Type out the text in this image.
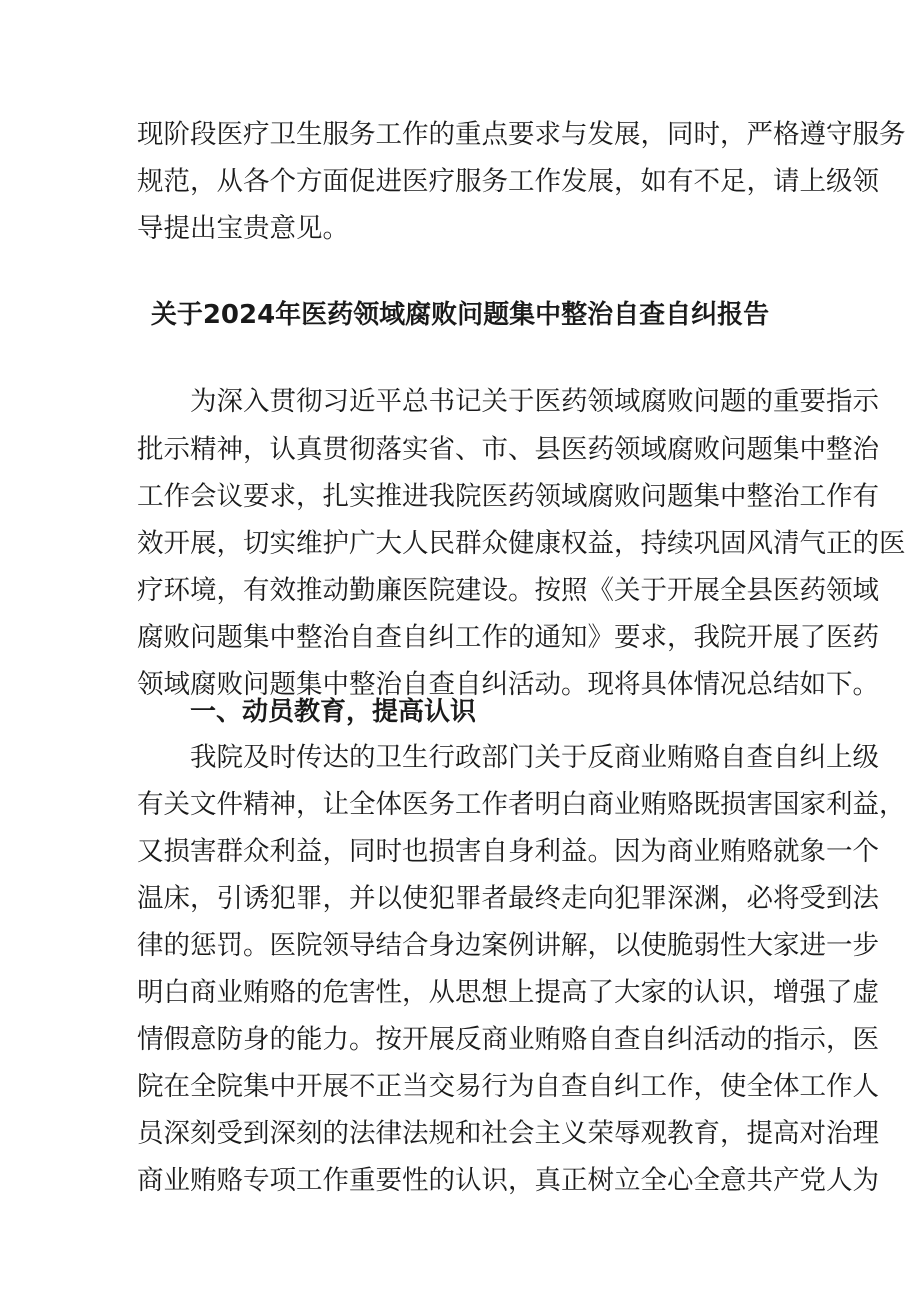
现阶段医疗卫生服务工作的重点要求与发展，同时，严格遵守服务
规范，从各个方面促进医疗服务工作发展，如有不足，请上级领
导提出宝贵意见。
关于2024年医药领域腐败问题集中整治自查自纠报告
为深入贯彻习近平总书记关于医药领域腐败问题的重要指示
批示精神，认真贯彻落实省、市、县医药领域腐败问题集中整治
工作会议要求，扎实推进我院医药领域腐败问题集中整治工作有
效开展，切实维护广大人民群众健康权益，持续巩固风清气正的医
疗环境，有效推动勤廉医院建设。按照《关于开展全县医药领域
腐败问题集中整治自查自纠工作的通知》要求，我院开展了医药
领域腐败问题集中整治自查自纠活动。现将具体情况总结如下。
一、动员教育，提高认识
我院及时传达的卫生行政部门关于反商业贿赂自查自纠上级
有关文件精神，让全体医务工作者明白商业贿赂既损害国家利益，
又损害群众利益，同时也损害自身利益。因为商业贿赂就象一个
温床，引诱犯罪，并以使犯罪者最终走向犯罪深渊，必将受到法
律的惩罚。医院领导结合身边案例讲解，以使脆弱性大家进一步
明白商业贿赂的危害性，从思想上提高了大家的认识，增强了虚
情假意防身的能力。按开展反商业贿赂自查自纠活动的指示，医
院在全院集中开展不正当交易行为自查自纠工作，使全体工作人
员深刻受到深刻的法律法规和社会主义荣辱观教育，提高对治理
商业贿赂专项工作重要性的认识，真正树立全心全意共产党人为
